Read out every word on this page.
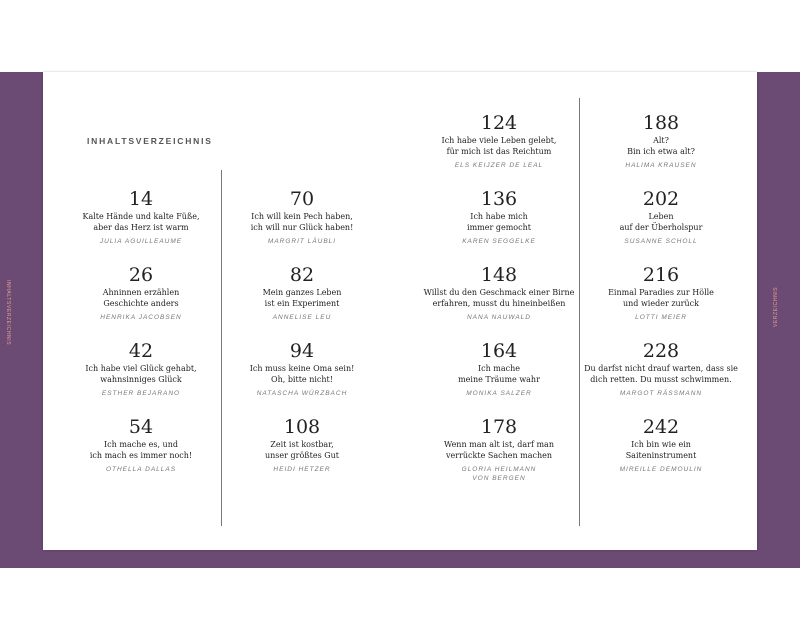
INHALTSVERZEICHNIS	VERZEICHNIS
INHALTSVERZEICHNIS
14
Kalte Hände und kalte Füße,
aber das Herz ist warm
JULIA AGUILLEAUME
26
Ahninnen erzählen
Geschichte anders
HENRIKA JACOBSEN
42
Ich habe viel Glück gehabt,
wahnsinniges Glück
ESTHER BEJARANO
54
Ich mache es, und
ich mach es immer noch!
OTHELLA DALLAS
70
Ich will kein Pech haben,
ich will nur Glück haben!
MARGRIT LÄUBLI
82
Mein ganzes Leben
ist ein Experiment
ANNELISE LEU
94
Ich muss keine Oma sein!
Oh, bitte nicht!
NATASCHA WÜRZBACH
108
Zeit ist kostbar,
unser größtes Gut
HEIDI HETZER
124
Ich habe viele Leben gelebt,
für mich ist das Reichtum
ELS KEIJZER DE LEAL
136
Ich habe mich
immer gemocht
KAREN SEGGELKE
148
Willst du den Geschmack einer Birne
erfahren, musst du hineinbeißen
NANA NAUWALD
164
Ich mache
meine Träume wahr
MONIKA SALZER
178
Wenn man alt ist, darf man
verrückte Sachen machen
GLORIA HEILMANN
VON BERGEN
188
Alt?
Bin ich etwa alt?
HALIMA KRAUSEN
202
Leben
auf der Überholspur
SUSANNE SCHOLL
216
Einmal Paradies zur Hölle
und wieder zurück
LOTTI MEIER
228
Du darfst nicht drauf warten, dass sie
dich retten. Du musst schwimmen.
MARGOT RÄSSMANN
242
Ich bin wie ein
Saiteninstrument
MIREILLE DEMOULIN
